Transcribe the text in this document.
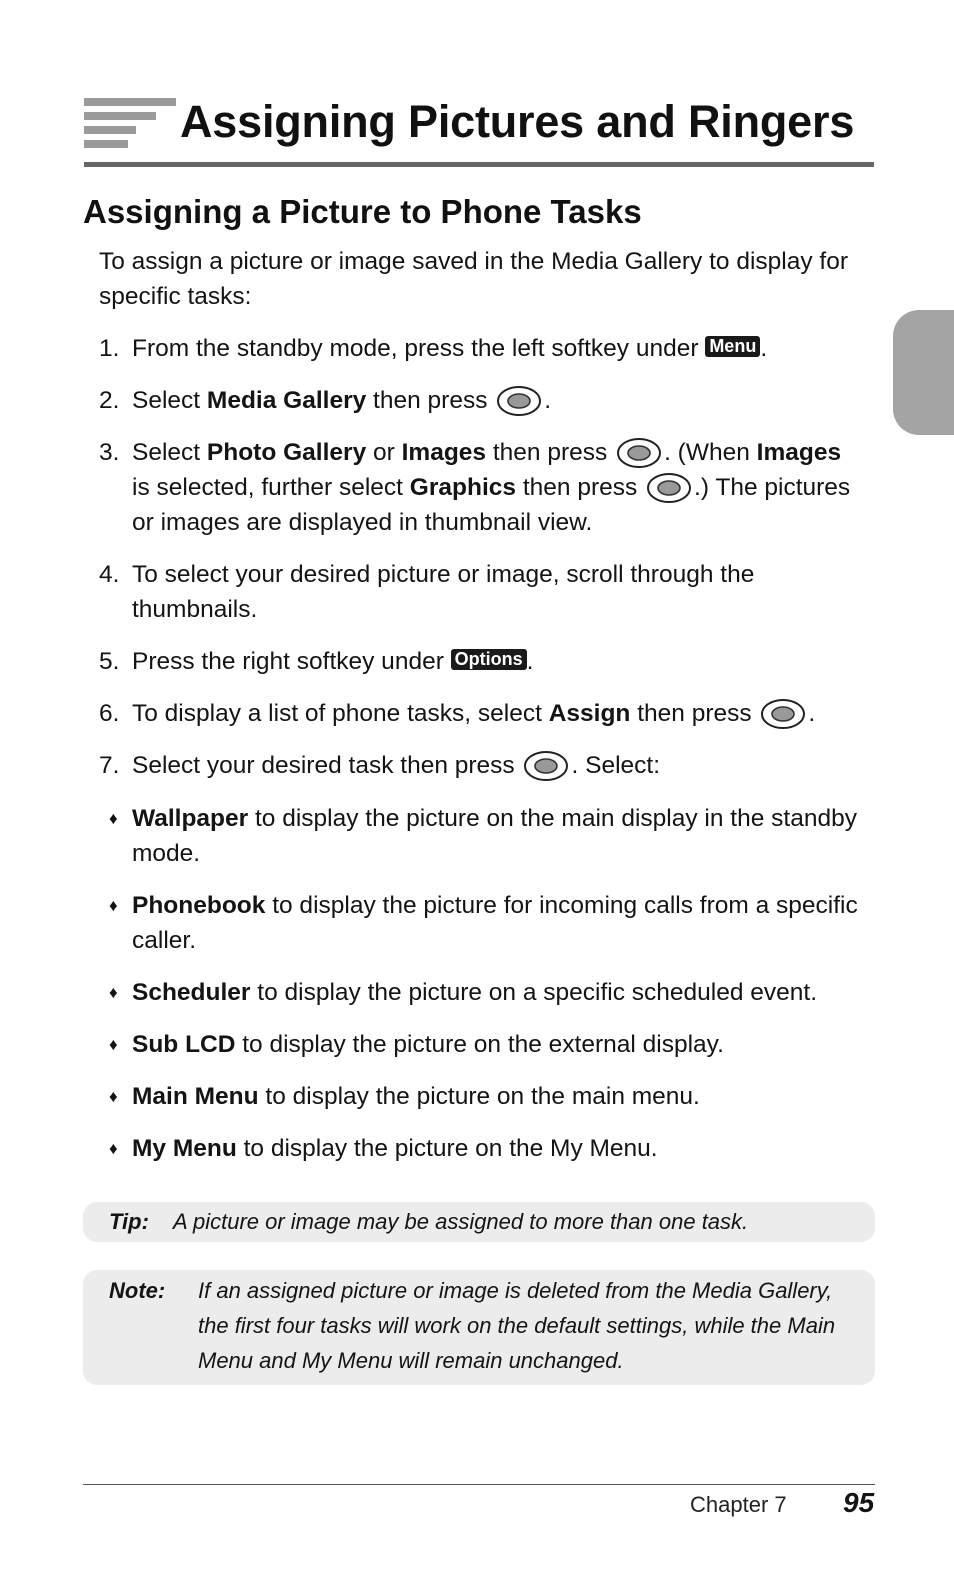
Assigning Pictures and Ringers
Assigning a Picture to Phone Tasks

To assign a picture or image saved in the Media Gallery to display for specific tasks:

1. From the standby mode, press the left softkey under Menu .
2. Select Media Gallery then press .
3. Select Photo Gallery or Images then press . (When Images is selected, further select Graphics then press .) The pictures or images are displayed in thumbnail view.
4. To select your desired picture or image, scroll through the thumbnails.
5. Press the right softkey under Options .
6. To display a list of phone tasks, select Assign then press .
7. Select your desired task then press . Select:
♦ Wallpaper to display the picture on the main display in the standby mode.
♦ Phonebook to display the picture for incoming calls from a specific caller.
♦ Scheduler to display the picture on a specific scheduled event.
♦ Sub LCD to display the picture on the external display.
♦ Main Menu to display the picture on the main menu.
♦ My Menu to display the picture on the My Menu.
Tip: A picture or image may be assigned to more than one task.
Note: If an assigned picture or image is deleted from the Media Gallery, the first four tasks will work on the default settings, while the Main Menu and My Menu will remain unchanged.
Chapter 7 95
